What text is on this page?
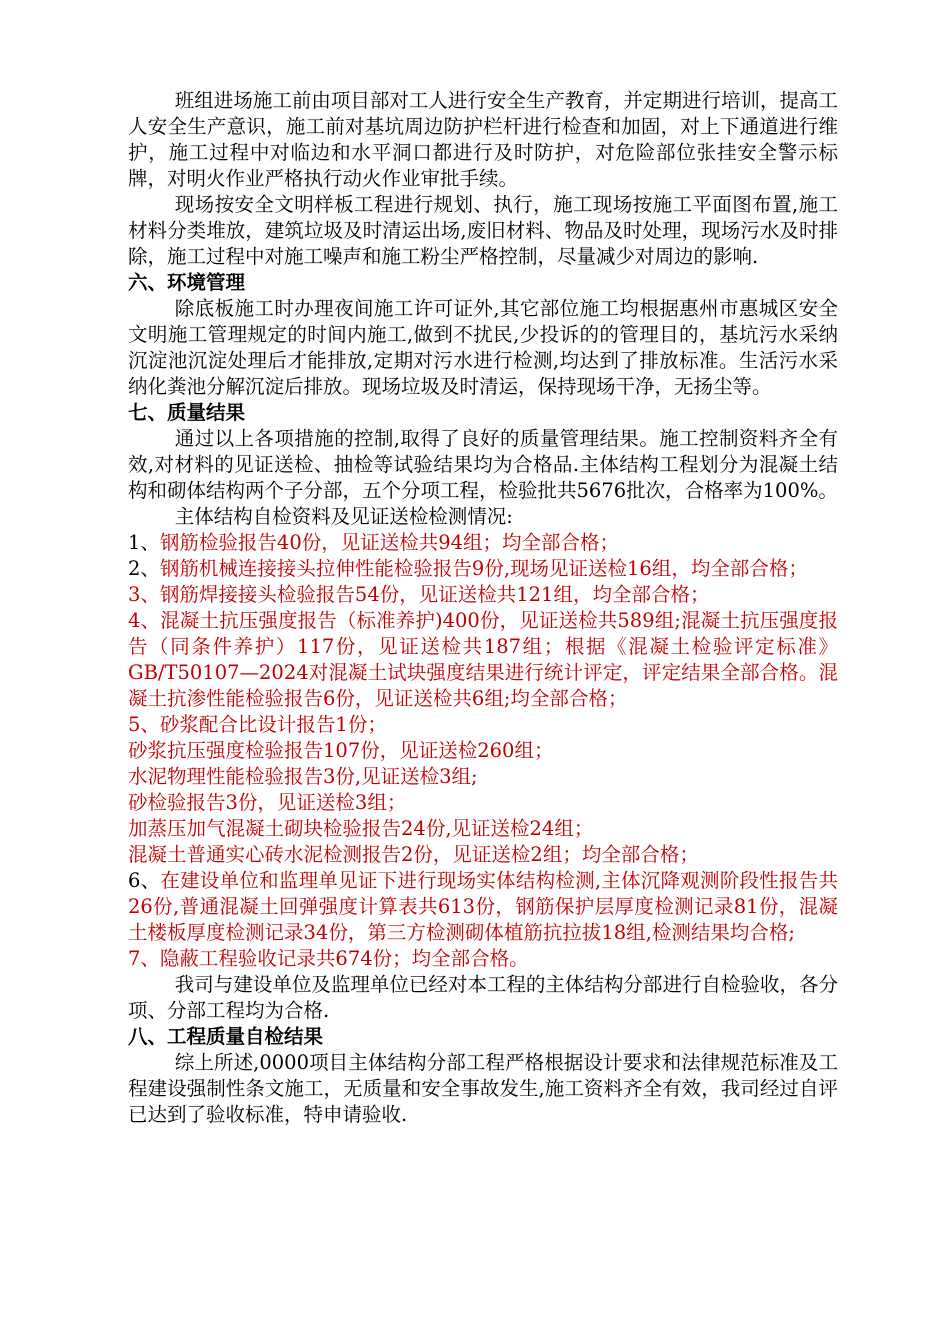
班组进场施工前由项目部对工人进行安全生产教育，并定期进行培训，提高工人安全生产意识，施工前对基坑周边防护栏杆进行检查和加固，对上下通道进行维护，施工过程中对临边和水平洞口都进行及时防护，对危险部位张挂安全警示标牌，对明火作业严格执行动火作业审批手续。

现场按安全文明样板工程进行规划、执行，施工现场按施工平面图布置,施工材料分类堆放，建筑垃圾及时清运出场,废旧材料、物品及时处理，现场污水及时排除，施工过程中对施工噪声和施工粉尘严格控制，尽量减少对周边的影响.

六、环境管理

除底板施工时办理夜间施工许可证外,其它部位施工均根据惠州市惠城区安全文明施工管理规定的时间内施工,做到不扰民,少投诉的的管理目的，基坑污水采纳沉淀池沉淀处理后才能排放,定期对污水进行检测,均达到了排放标准。生活污水采纳化粪池分解沉淀后排放。现场垃圾及时清运，保持现场干净，无扬尘等。

七、质量结果

通过以上各项措施的控制,取得了良好的质量管理结果。施工控制资料齐全有效,对材料的见证送检、抽检等试验结果均为合格品.主体结构工程划分为混凝土结构和砌体结构两个子分部，五个分项工程，检验批共5676批次，合格率为100%。

主体结构自检资料及见证送检检测情况:

1、钢筋检验报告40份，见证送检共94组；均全部合格；

2、钢筋机械连接接头拉伸性能检验报告9份,现场见证送检16组，均全部合格；

3、钢筋焊接接头检验报告54份，见证送检共121组，均全部合格；

4、混凝土抗压强度报告（标准养护)400份，见证送检共589组;混凝土抗压强度报告（同条件养护）117份，见证送检共187组；根据《混凝土检验评定标准》GB/T50107—2024对混凝土试块强度结果进行统计评定，评定结果全部合格。混凝土抗渗性能检验报告6份，见证送检共6组;均全部合格；

5、砂浆配合比设计报告1份；

砂浆抗压强度检验报告107份，见证送检260组；

水泥物理性能检验报告3份,见证送检3组;

砂检验报告3份，见证送检3组；

加蒸压加气混凝土砌块检验报告24份,见证送检24组；

混凝土普通实心砖水泥检测报告2份，见证送检2组；均全部合格；

6、在建设单位和监理单见证下进行现场实体结构检测,主体沉降观测阶段性报告共26份,普通混凝土回弹强度计算表共613份，钢筋保护层厚度检测记录81份，混凝土楼板厚度检测记录34份，第三方检测砌体植筋抗拉拔18组,检测结果均合格;

7、隐蔽工程验收记录共674份；均全部合格。

我司与建设单位及监理单位已经对本工程的主体结构分部进行自检验收，各分项、分部工程均为合格.

八、工程质量自检结果

综上所述,0000项目主体结构分部工程严格根据设计要求和法律规范标准及工程建设强制性条文施工，无质量和安全事故发生,施工资料齐全有效，我司经过自评已达到了验收标准，特申请验收.
